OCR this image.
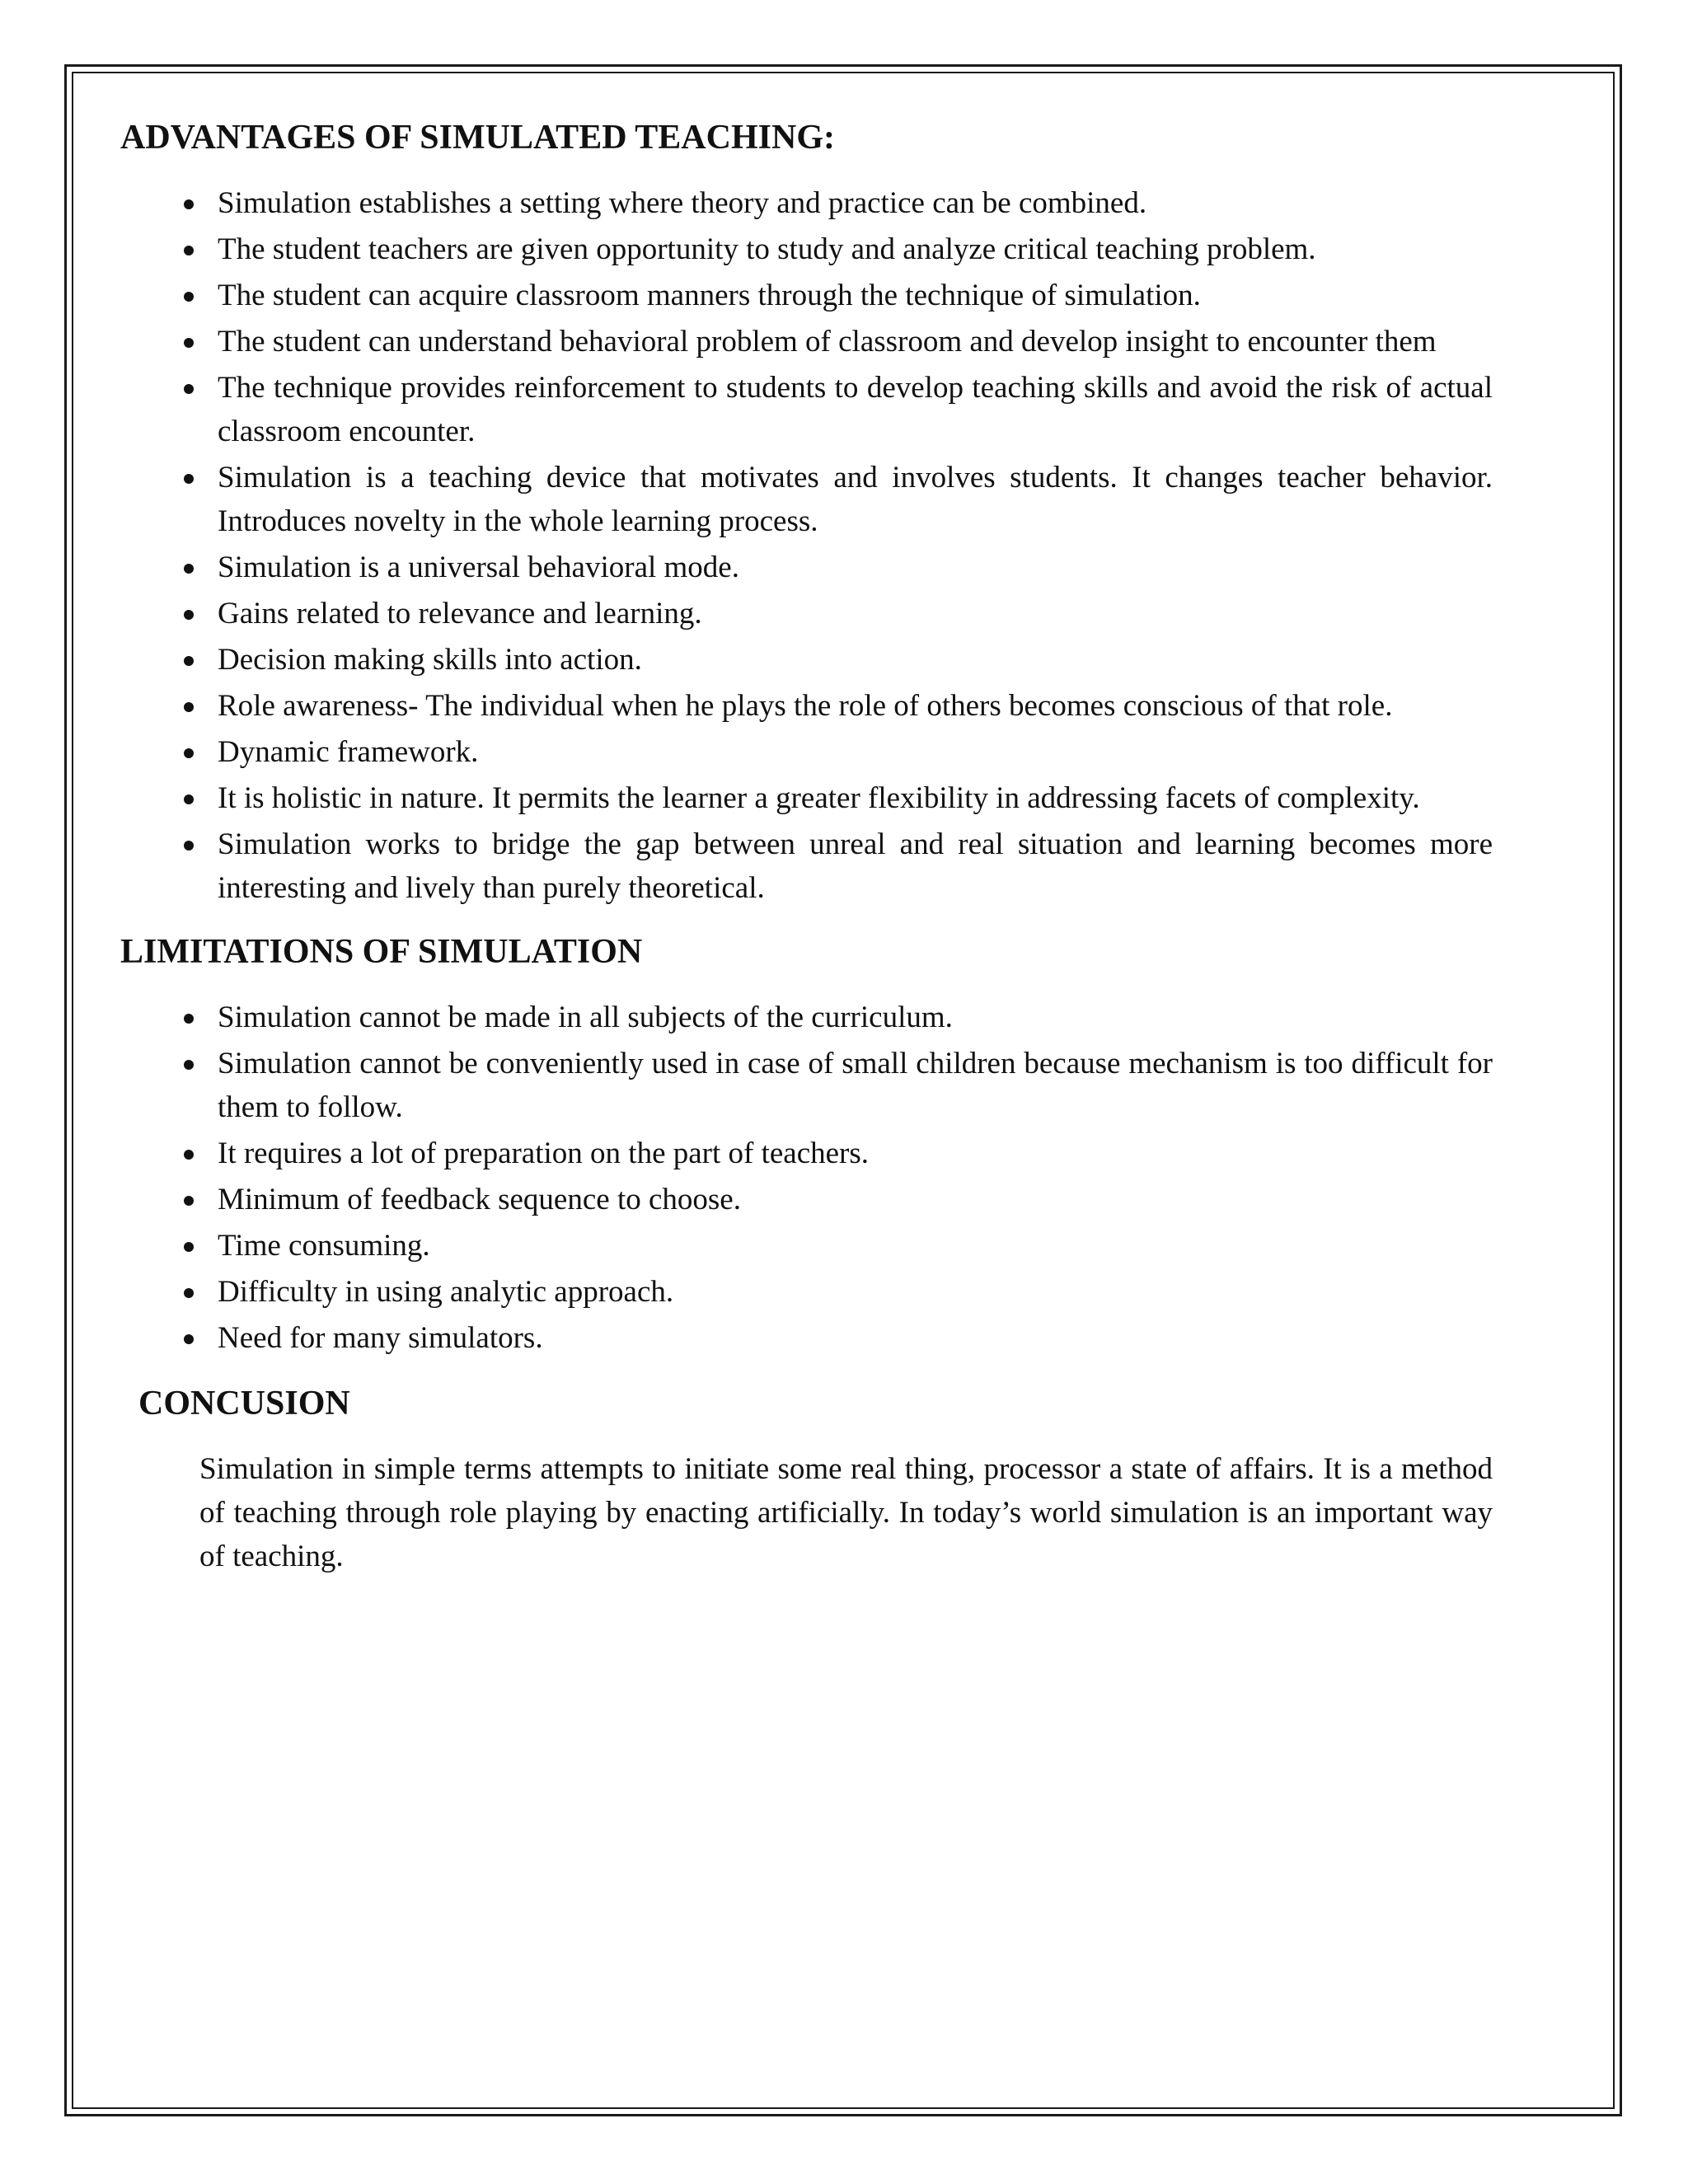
ADVANTAGES OF SIMULATED TEACHING:
Simulation establishes a setting where theory and practice can be combined.
The student teachers are given opportunity to study and analyze critical teaching problem.
The student can acquire classroom manners through the technique of simulation.
The student can understand behavioral problem of classroom and develop insight to encounter them
The technique provides reinforcement to students to develop teaching skills and avoid the risk of actual classroom encounter.
Simulation is a teaching device that motivates and involves students. It changes teacher behavior. Introduces novelty in the whole learning process.
Simulation is a universal behavioral mode.
Gains related to relevance and learning.
Decision making skills into action.
Role awareness- The individual when he plays the role of others becomes conscious of that role.
Dynamic framework.
It is holistic in nature. It permits the learner a greater flexibility in addressing facets of complexity.
Simulation works to bridge the gap between unreal and real situation and learning becomes more interesting and lively than purely theoretical.
LIMITATIONS OF SIMULATION
Simulation cannot be made in all subjects of the curriculum.
Simulation cannot be conveniently used in case of small children because mechanism is too difficult for them to follow.
It requires a lot of preparation on the part of teachers.
Minimum of feedback sequence to choose.
Time consuming.
Difficulty in using analytic approach.
Need for many simulators.
CONCUSION

Simulation in simple terms attempts to initiate some real thing, processor a state of affairs. It is a method of teaching through role playing by enacting artificially. In today’s world simulation is an important way of teaching.
